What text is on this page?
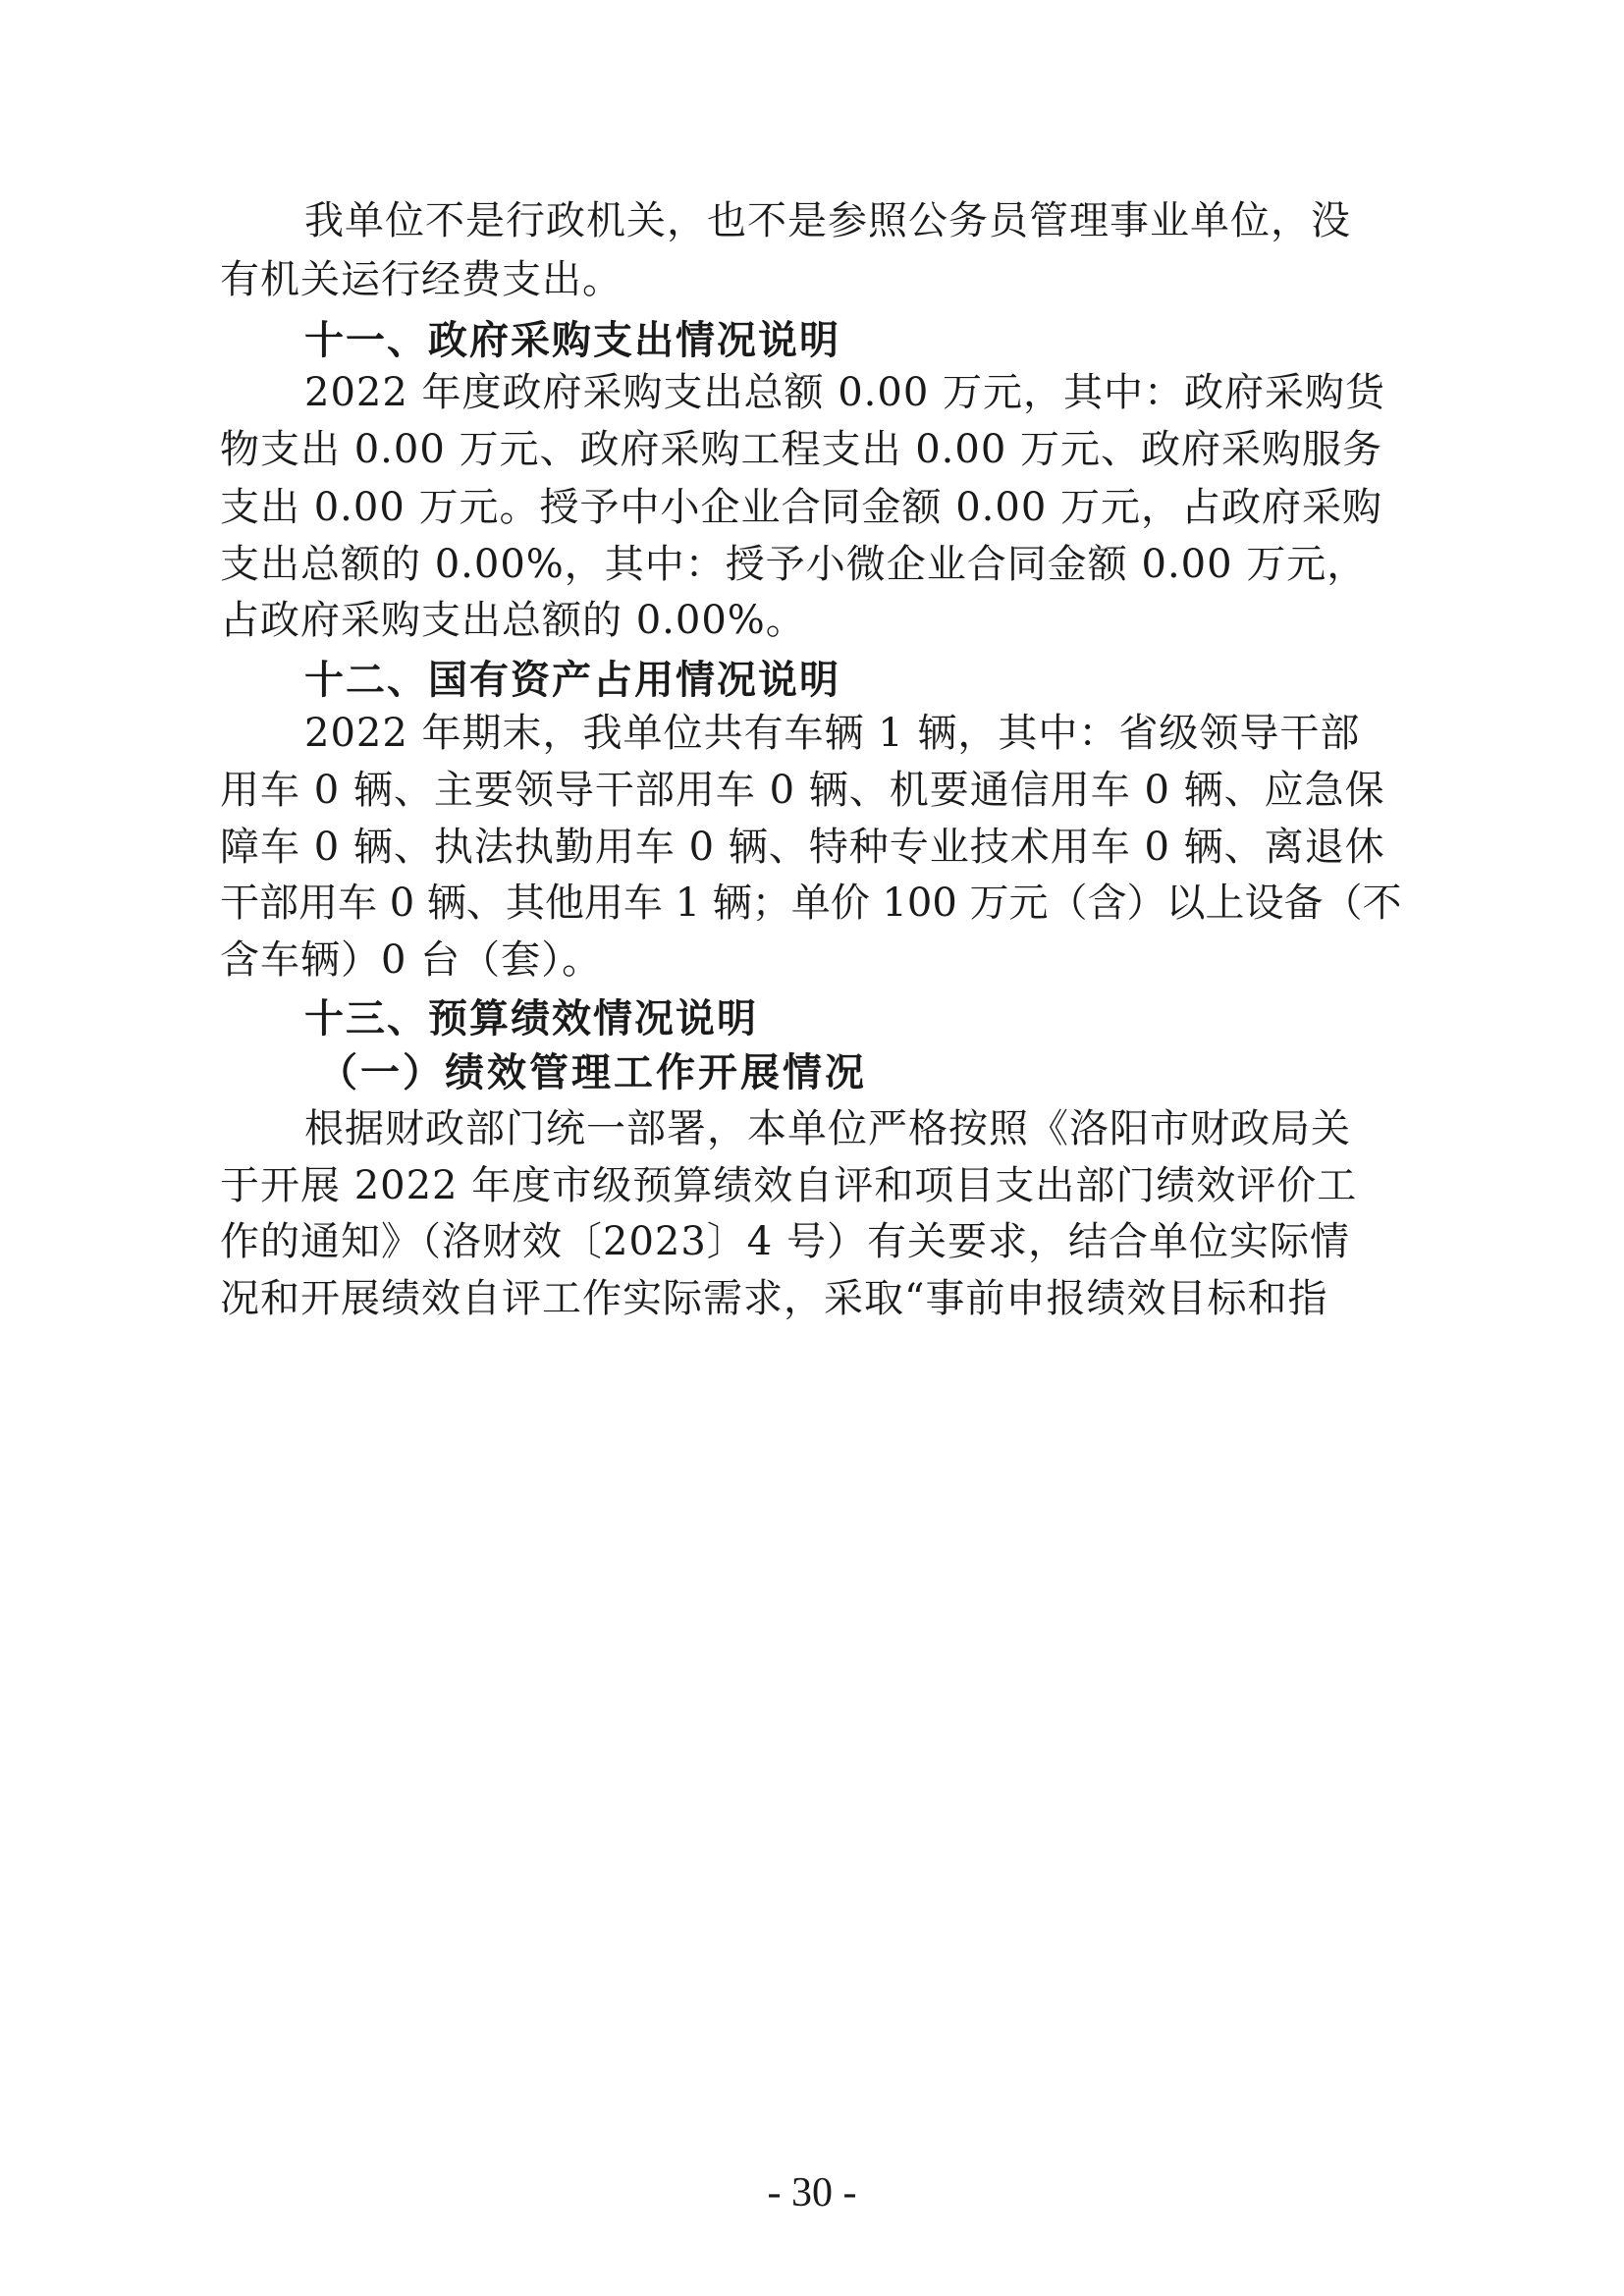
我单位不是行政机关，也不是参照公务员管理事业单位，没
有机关运行经费支出。
十一、政府采购支出情况说明
2022 年度政府采购支出总额 0.00 万元，其中：政府采购货
物支出 0.00 万元、政府采购工程支出 0.00 万元、政府采购服务
支出 0.00 万元。授予中小企业合同金额 0.00 万元，占政府采购
支出总额的 0.00%，其中：授予小微企业合同金额 0.00 万元，
占政府采购支出总额的 0.00%。
十二、国有资产占用情况说明
2022 年期末，我单位共有车辆 1 辆，其中：省级领导干部
用车 0 辆、主要领导干部用车 0 辆、机要通信用车 0 辆、应急保
障车 0 辆、执法执勤用车 0 辆、特种专业技术用车 0 辆、离退休
干部用车 0 辆、其他用车 1 辆；单价 100 万元（含）以上设备（不
含车辆）0 台（套）。
十三、预算绩效情况说明
（一）绩效管理工作开展情况
根据财政部门统一部署，本单位严格按照《洛阳市财政局关
于开展 2022 年度市级预算绩效自评和项目支出部门绩效评价工
作的通知》（洛财效〔2023〕4 号）有关要求，结合单位实际情
况和开展绩效自评工作实际需求，采取“事前申报绩效目标和指
- 30 -
